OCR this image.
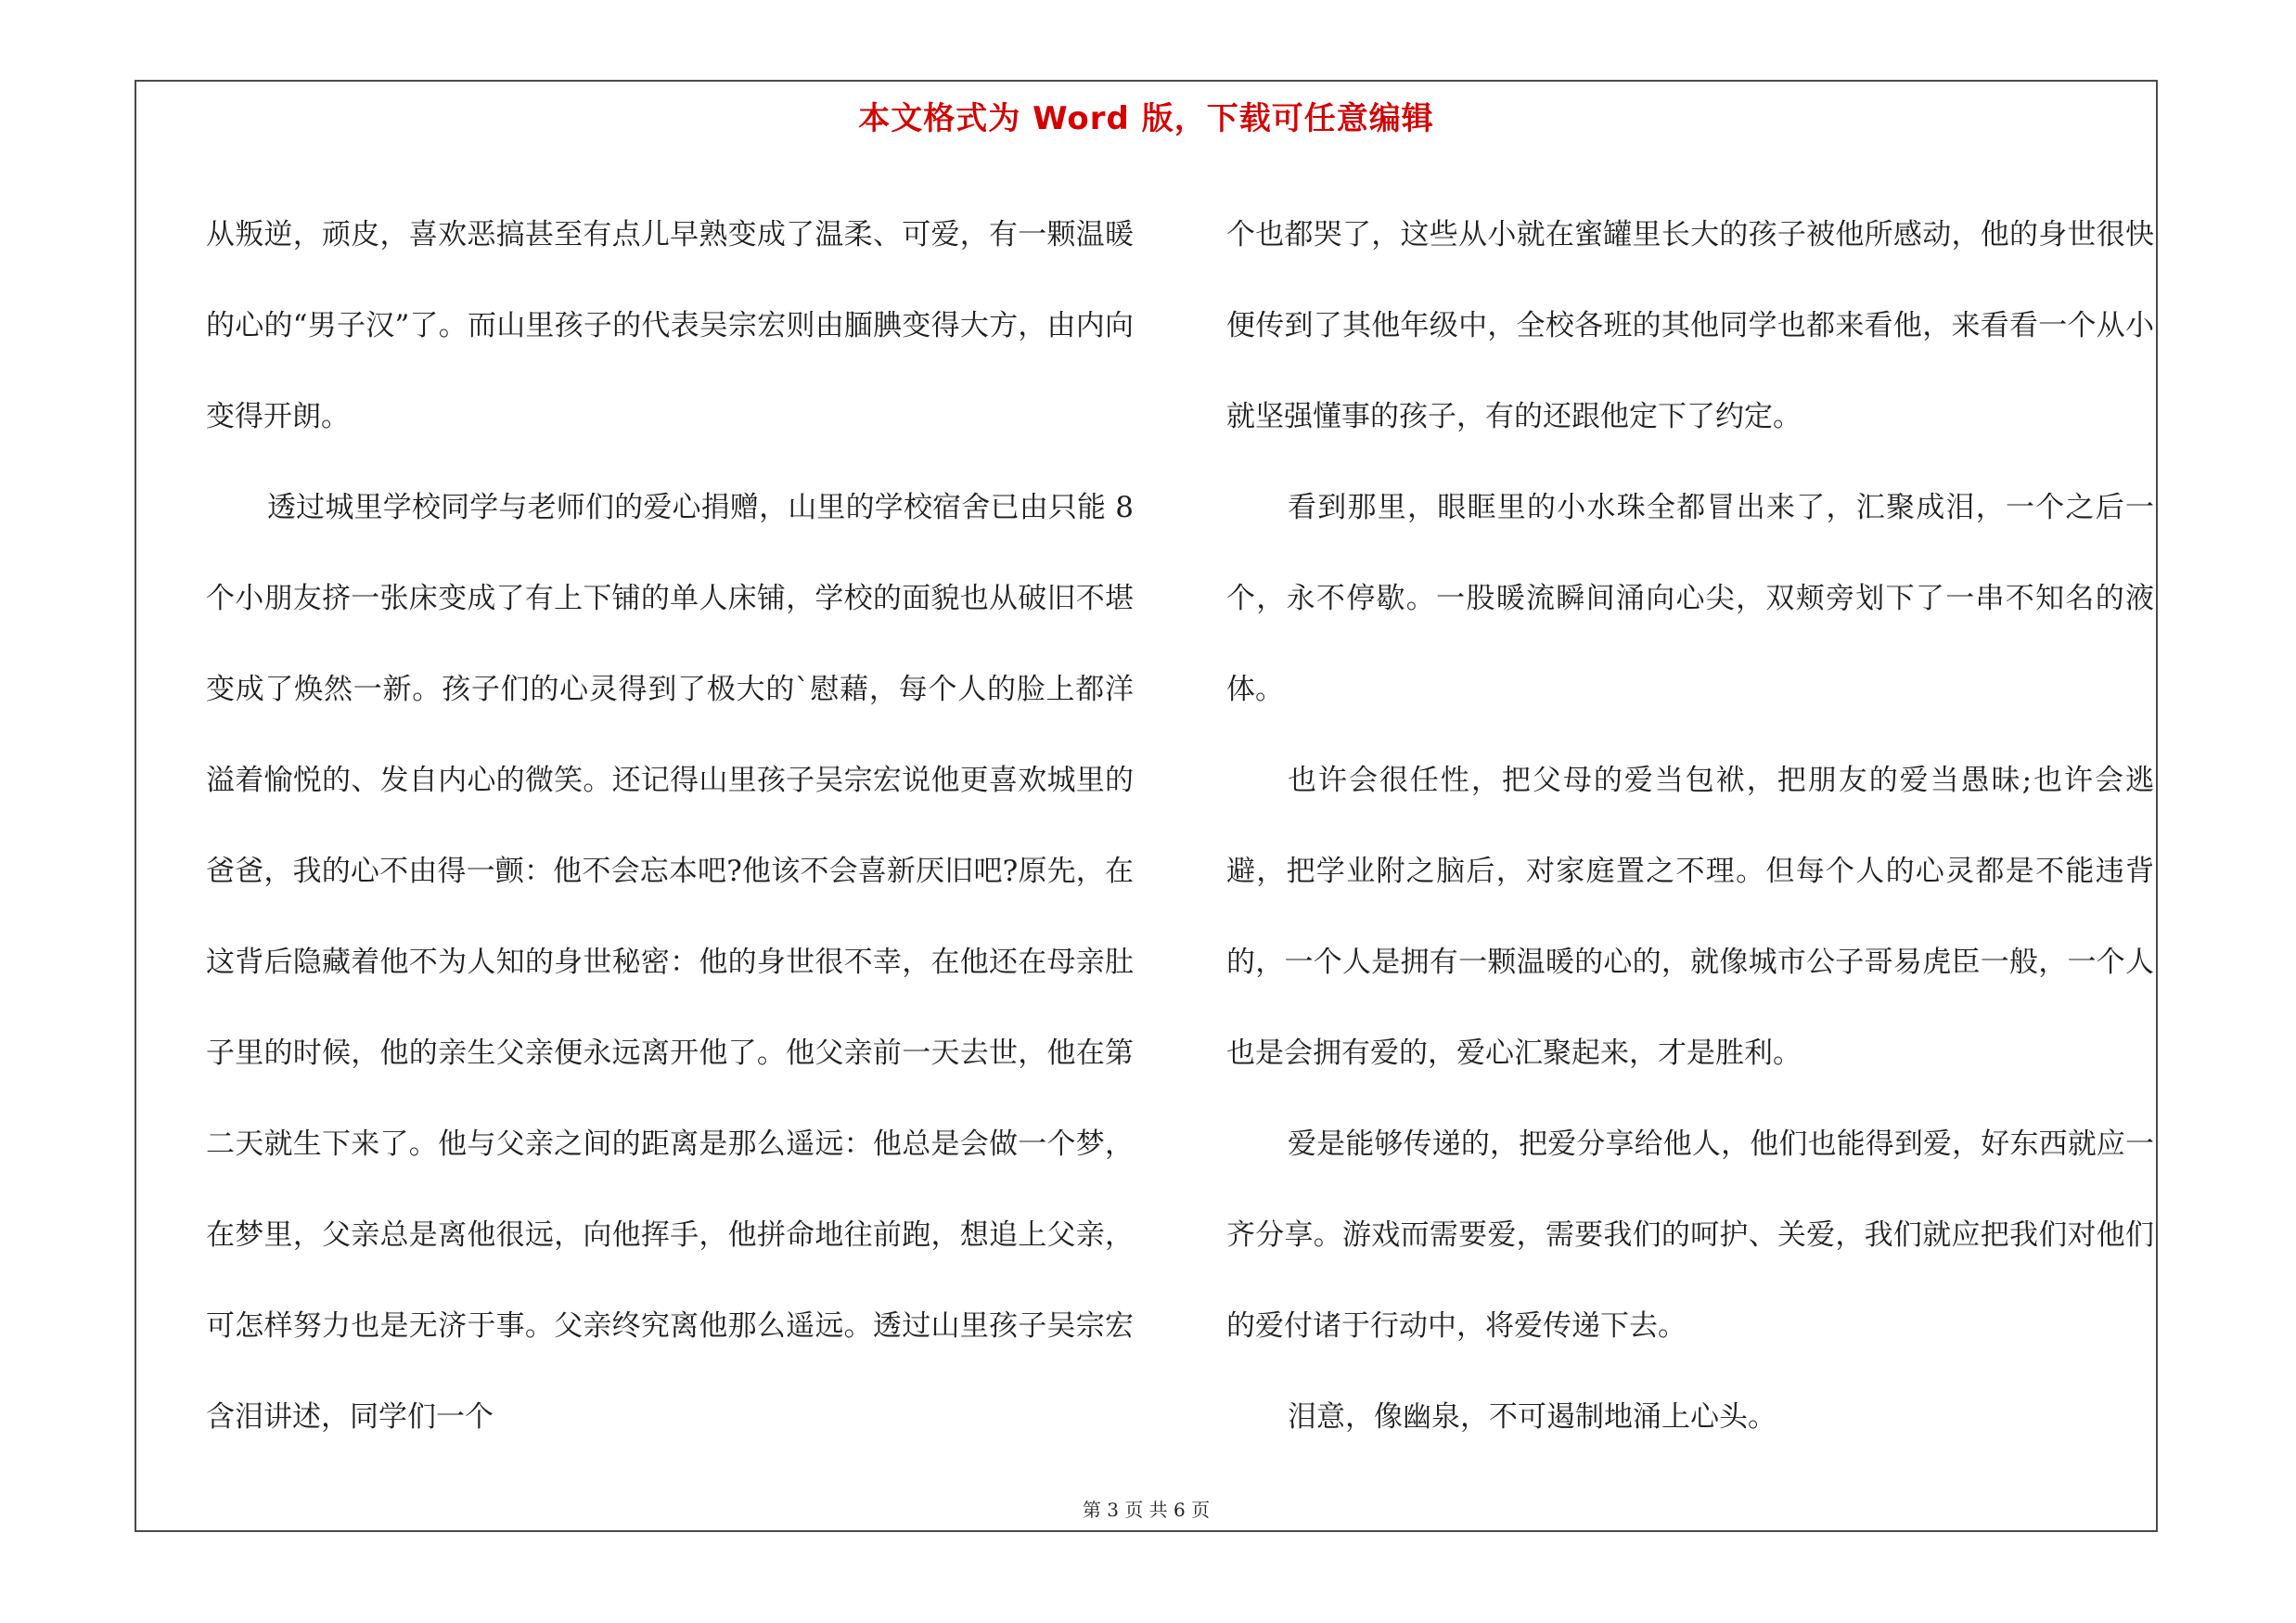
本文格式为 Word 版，下载可任意编辑

从叛逆，顽皮，喜欢恶搞甚至有点儿早熟变成了温柔、可爱，有一颗温暖的心的“男子汉”了。而山里孩子的代表吴宗宏则由腼腆变得大方，由内向变得开朗。

透过城里学校同学与老师们的爱心捐赠，山里的学校宿舍已由只能 8 个小朋友挤一张床变成了有上下铺的单人床铺，学校的面貌也从破旧不堪变成了焕然一新。孩子们的心灵得到了极大的`慰藉，每个人的脸上都洋溢着愉悦的、发自内心的微笑。还记得山里孩子吴宗宏说他更喜欢城里的爸爸，我的心不由得一颤：他不会忘本吧?他该不会喜新厌旧吧?原先，在这背后隐藏着他不为人知的身世秘密：他的身世很不幸，在他还在母亲肚子里的时候，他的亲生父亲便永远离开他了。他父亲前一天去世，他在第二天就生下来了。他与父亲之间的距离是那么遥远：他总是会做一个梦，在梦里，父亲总是离他很远，向他挥手，他拼命地往前跑，想追上父亲，可怎样努力也是无济于事。父亲终究离他那么遥远。透过山里孩子吴宗宏含泪讲述，同学们一个

个也都哭了，这些从小就在蜜罐里长大的孩子被他所感动，他的身世很快便传到了其他年级中，全校各班的其他同学也都来看他，来看看一个从小就坚强懂事的孩子，有的还跟他定下了约定。

看到那里，眼眶里的小水珠全都冒出来了，汇聚成泪，一个之后一个，永不停歇。一股暖流瞬间涌向心尖，双颊旁划下了一串不知名的液体。

也许会很任性，把父母的爱当包袱，把朋友的爱当愚昧;也许会逃避，把学业附之脑后，对家庭置之不理。但每个人的心灵都是不能违背的，一个人是拥有一颗温暖的心的，就像城市公子哥易虎臣一般，一个人也是会拥有爱的，爱心汇聚起来，才是胜利。

爱是能够传递的，把爱分享给他人，他们也能得到爱，好东西就应一齐分享。游戏而需要爱，需要我们的呵护、关爱，我们就应把我们对他们的爱付诸于行动中，将爱传递下去。

泪意，像幽泉，不可遏制地涌上心头。

第 3 页 共 6 页
